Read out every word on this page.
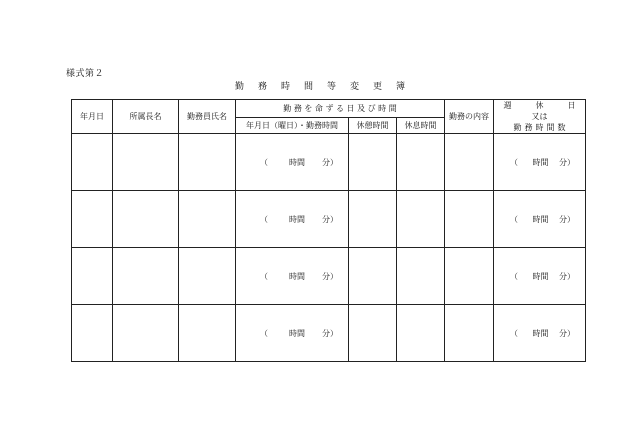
様式第２
勤務時間等変更簿
年月日	所属長名	勤務員氏名	勤 務 を 命 ず る 日 及 び 時 間			勤務の内容	週　休　日
又は
勤務時間数

			年月日（曜日）・勤務時間	休憩時間	休息時間		

			（ 時間 分）				（ 時間 分）

			（ 時間 分）				（ 時間 分）

			（ 時間 分）				（ 時間 分）

			（ 時間 分）				（ 時間 分）
